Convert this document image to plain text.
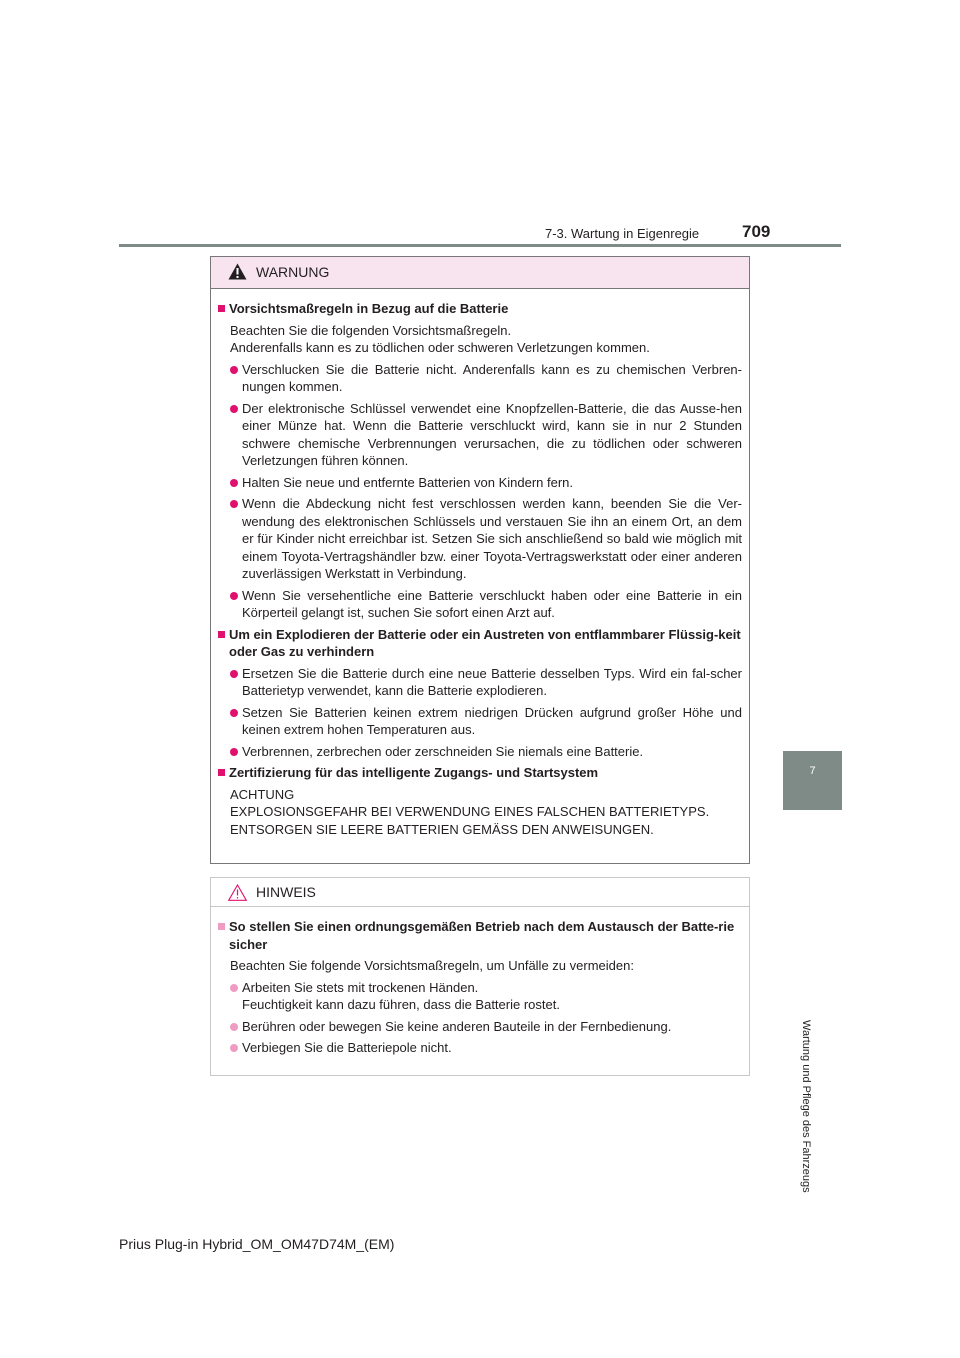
7-3. Wartung in Eigenregie	709
7
Wartung und Pflege des Fahrzeugs
WARNUNG
Vorsichtsmaßregeln in Bezug auf die Batterie
Beachten Sie die folgenden Vorsichtsmaßregeln.
Anderenfalls kann es zu tödlichen oder schweren Verletzungen kommen.
Verschlucken Sie die Batterie nicht. Anderenfalls kann es zu chemischen Verbren-nungen kommen.
Der elektronische Schlüssel verwendet eine Knopfzellen-Batterie, die das Ausse-hen einer Münze hat. Wenn die Batterie verschluckt wird, kann sie in nur 2 Stunden schwere chemische Verbrennungen verursachen, die zu tödlichen oder schweren Verletzungen führen können.
Halten Sie neue und entfernte Batterien von Kindern fern.
Wenn die Abdeckung nicht fest verschlossen werden kann, beenden Sie die Ver-wendung des elektronischen Schlüssels und verstauen Sie ihn an einem Ort, an dem er für Kinder nicht erreichbar ist. Setzen Sie sich anschließend so bald wie möglich mit einem Toyota-Vertragshändler bzw. einer Toyota-Vertragswerkstatt oder einer anderen zuverlässigen Werkstatt in Verbindung.
Wenn Sie versehentliche eine Batterie verschluckt haben oder eine Batterie in ein Körperteil gelangt ist, suchen Sie sofort einen Arzt auf.
Um ein Explodieren der Batterie oder ein Austreten von entflammbarer Flüssig-keit oder Gas zu verhindern
Ersetzen Sie die Batterie durch eine neue Batterie desselben Typs. Wird ein fal-scher Batterietyp verwendet, kann die Batterie explodieren.
Setzen Sie Batterien keinen extrem niedrigen Drücken aufgrund großer Höhe und keinen extrem hohen Temperaturen aus.
Verbrennen, zerbrechen oder zerschneiden Sie niemals eine Batterie.
Zertifizierung für das intelligente Zugangs- und Startsystem
ACHTUNG
EXPLOSIONSGEFAHR BEI VERWENDUNG EINES FALSCHEN BATTERIETYPS.
ENTSORGEN SIE LEERE BATTERIEN GEMÄSS DEN ANWEISUNGEN.
HINWEIS
So stellen Sie einen ordnungsgemäßen Betrieb nach dem Austausch der Batte-rie sicher
Beachten Sie folgende Vorsichtsmaßregeln, um Unfälle zu vermeiden:
Arbeiten Sie stets mit trockenen Händen.
Feuchtigkeit kann dazu führen, dass die Batterie rostet.
Berühren oder bewegen Sie keine anderen Bauteile in der Fernbedienung.
Verbiegen Sie die Batteriepole nicht.
Prius Plug-in Hybrid_OM_OM47D74M_(EM)
